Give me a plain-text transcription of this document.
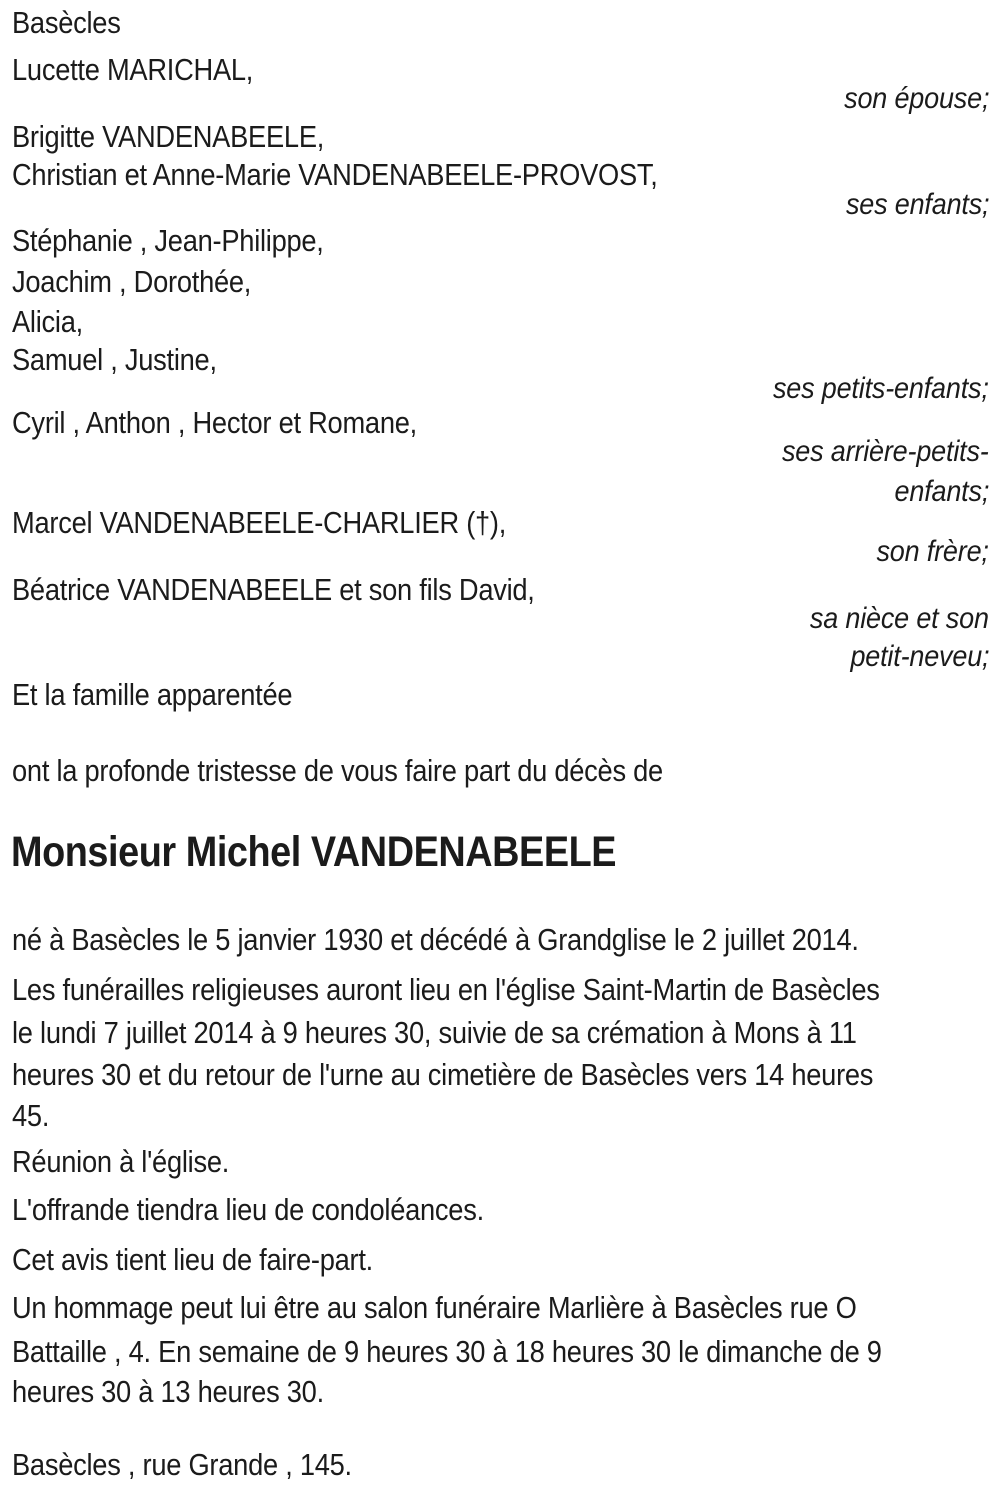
Basècles
Lucette MARICHAL,
son épouse;
Brigitte VANDENABEELE,
Christian et Anne-Marie VANDENABEELE-PROVOST,
ses enfants;
Stéphanie , Jean-Philippe,
Joachim , Dorothée,
Alicia,
Samuel , Justine,
ses petits-enfants;
Cyril , Anthon , Hector et Romane,
ses arrière-petits-
enfants;
Marcel VANDENABEELE-CHARLIER (†),
son frère;
Béatrice VANDENABEELE et son fils David,
sa nièce et son
petit-neveu;
Et la famille apparentée
ont la profonde tristesse de vous faire part du décès de
Monsieur Michel VANDENABEELE
né à Basècles le 5 janvier 1930 et décédé à Grandglise le 2 juillet 2014.
Les funérailles religieuses auront lieu en l'église Saint-Martin de Basècles
le lundi 7 juillet 2014 à 9 heures 30, suivie de sa crémation à Mons à 11
heures 30 et du retour de l'urne au cimetière de Basècles vers 14 heures
45.
Réunion à l'église.
L'offrande tiendra lieu de condoléances.
Cet avis tient lieu de faire-part.
Un hommage peut lui être au salon funéraire Marlière à Basècles rue O
Battaille , 4. En semaine de 9 heures 30 à 18 heures 30 le dimanche de 9
heures 30 à 13 heures 30.
Basècles , rue Grande , 145.
